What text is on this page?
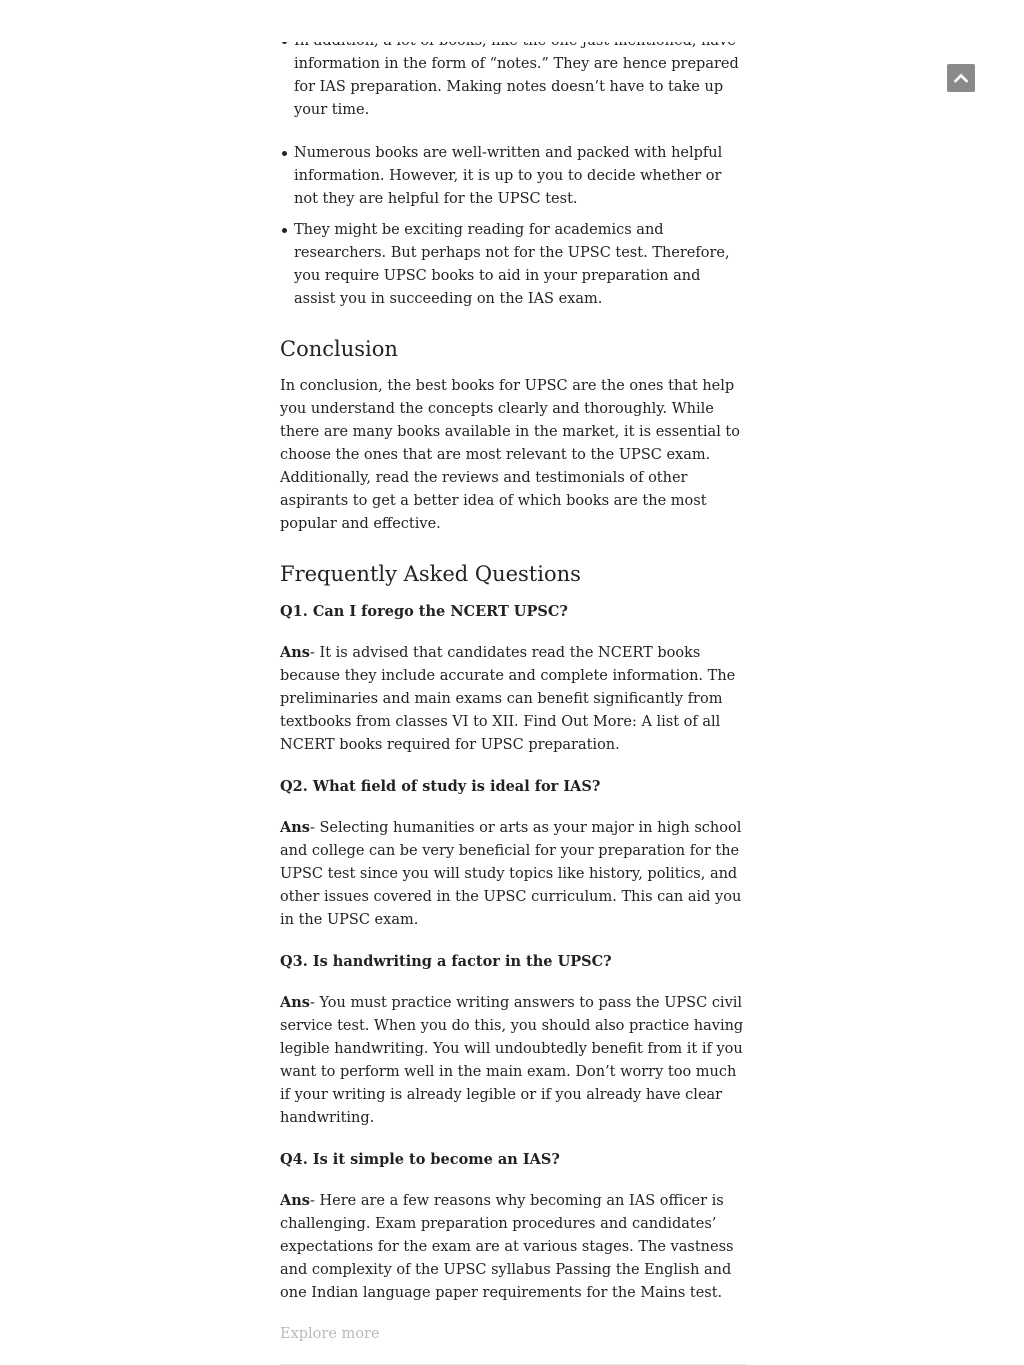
information in the form of “notes.” They are hence prepared for IAS preparation. Making notes doesn’t have to take up your time.
Numerous books are well-written and packed with helpful information. However, it is up to you to decide whether or not they are helpful for the UPSC test.
They might be exciting reading for academics and researchers. But perhaps not for the UPSC test. Therefore, you require UPSC books to aid in your preparation and assist you in succeeding on the IAS exam.
Conclusion

In conclusion, the best books for UPSC are the ones that help you understand the concepts clearly and thoroughly. While there are many books available in the market, it is essential to choose the ones that are most relevant to the UPSC exam. Additionally, read the reviews and testimonials of other aspirants to get a better idea of which books are the most popular and effective.

Frequently Asked Questions

Q1. Can I forego the NCERT UPSC?

Ans- It is advised that candidates read the NCERT books because they include accurate and complete information. The preliminaries and main exams can benefit significantly from textbooks from classes VI to XII. Find Out More: A list of all NCERT books required for UPSC preparation.

Q2. What field of study is ideal for IAS?

Ans- Selecting humanities or arts as your major in high school and college can be very beneficial for your preparation for the UPSC test since you will study topics like history, politics, and other issues covered in the UPSC curriculum. This can aid you in the UPSC exam.

Q3. Is handwriting a factor in the UPSC?

Ans- You must practice writing answers to pass the UPSC civil service test. When you do this, you should also practice having legible handwriting. You will undoubtedly benefit from it if you want to perform well in the main exam. Don’t worry too much if your writing is already legible or if you already have clear handwriting.

Q4. Is it simple to become an IAS?

Ans- Here are a few reasons why becoming an IAS officer is challenging. Exam preparation procedures and candidates’ expectations for the exam are at various stages. The vastness and complexity of the UPSC syllabus Passing the English and one Indian language paper requirements for the Mains test.

Explore more
